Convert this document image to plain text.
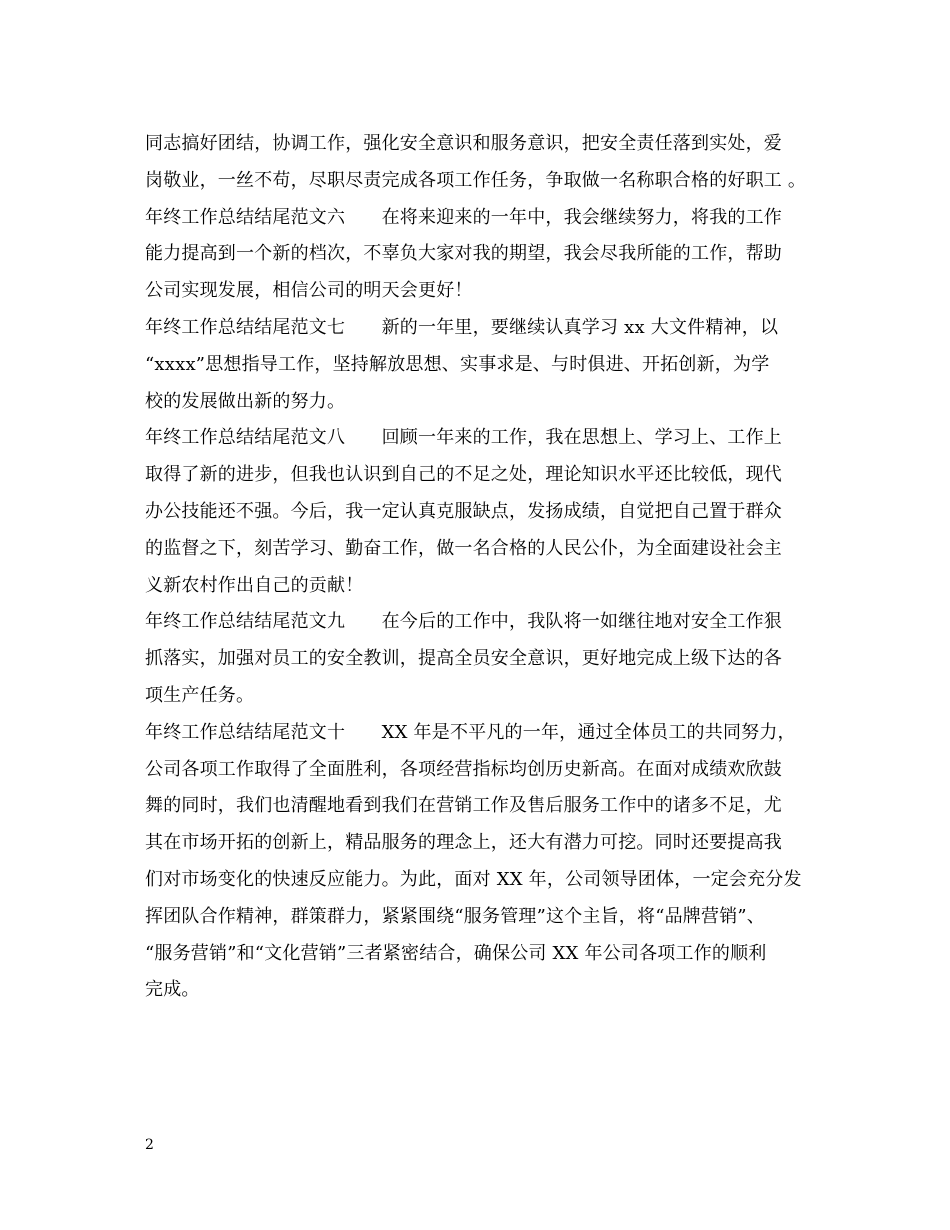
同志搞好团结，协调工作，强化安全意识和服务意识，把安全责任落到实处，爱
岗敬业，一丝不苟，尽职尽责完成各项工作任务，争取做一名称职合格的好职工 。
年终工作总结结尾范文六　　在将来迎来的一年中，我会继续努力，将我的工作
能力提高到一个新的档次，不辜负大家对我的期望，我会尽我所能的工作，帮助
公司实现发展，相信公司的明天会更好！
年终工作总结结尾范文七　　新的一年里，要继续认真学习 xx 大文件精神，以
“xxxx”思想指导工作，坚持解放思想、实事求是、与时俱进、开拓创新，为学
校的发展做出新的努力。
年终工作总结结尾范文八　　回顾一年来的工作，我在思想上、学习上、工作上
取得了新的进步，但我也认识到自己的不足之处，理论知识水平还比较低，现代
办公技能还不强。今后，我一定认真克服缺点，发扬成绩，自觉把自己置于群众
的监督之下，刻苦学习、勤奋工作，做一名合格的人民公仆，为全面建设社会主
义新农村作出自己的贡献！
年终工作总结结尾范文九　　在今后的工作中，我队将一如继往地对安全工作狠
抓落实，加强对员工的安全教训，提高全员安全意识，更好地完成上级下达的各
项生产任务。
年终工作总结结尾范文十　　XX 年是不平凡的一年，通过全体员工的共同努力，
公司各项工作取得了全面胜利，各项经营指标均创历史新高。在面对成绩欢欣鼓
舞的同时，我们也清醒地看到我们在营销工作及售后服务工作中的诸多不足，尤
其在市场开拓的创新上，精品服务的理念上，还大有潜力可挖。同时还要提高我
们对市场变化的快速反应能力。为此，面对 XX 年，公司领导团体，一定会充分发
挥团队合作精神，群策群力，紧紧围绕“服务管理”这个主旨，将“品牌营销”、
“服务营销”和“文化营销”三者紧密结合，确保公司 XX 年公司各项工作的顺利
完成。
2
